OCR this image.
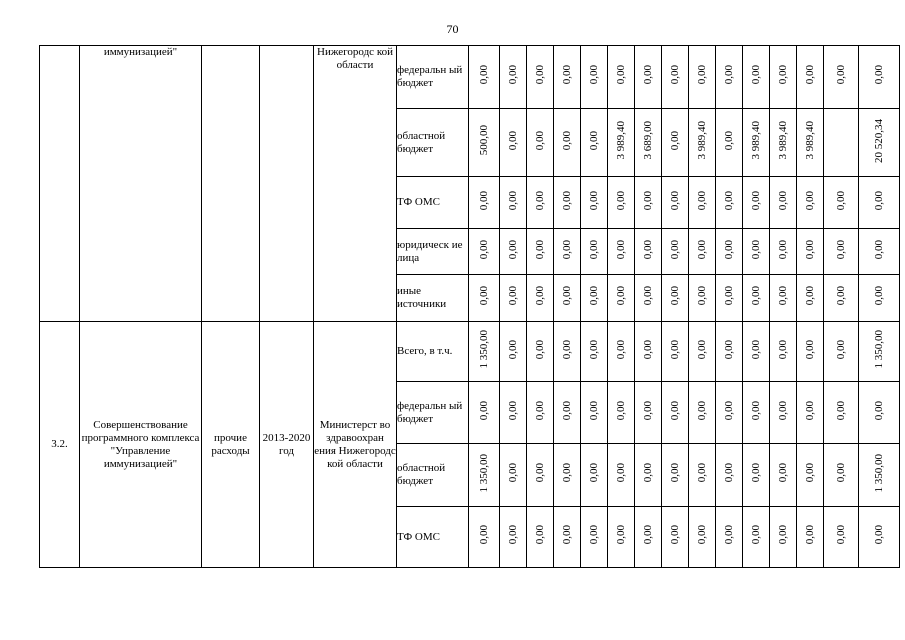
70
	иммунизацией"			Нижегородс кой области	федеральн ый бюджет	0,00	0,00	0,00	0,00	0,00	0,00	0,00	0,00	0,00	0,00	0,00	0,00	0,00	0,00	0,00
					областной бюджет	500,00	0,00	0,00	0,00	0,00	3 989,40	3 689,00	0,00	3 989,40	0,00	3 989,40	3 989,40	3 989,40		20 520,34
					ТФ ОМС	0,00	0,00	0,00	0,00	0,00	0,00	0,00	0,00	0,00	0,00	0,00	0,00	0,00	0,00	0,00
					юридическ ие лица	0,00	0,00	0,00	0,00	0,00	0,00	0,00	0,00	0,00	0,00	0,00	0,00	0,00	0,00	0,00
					иные источники	0,00	0,00	0,00	0,00	0,00	0,00	0,00	0,00	0,00	0,00	0,00	0,00	0,00	0,00	0,00
3.2.	Совершенствование программного комплекса "Управление иммунизацией"	прочие расходы	2013-2020 год	Министерст во здравоохран ения Нижегородс кой области	Всего, в т.ч.	1 350,00	0,00	0,00	0,00	0,00	0,00	0,00	0,00	0,00	0,00	0,00	0,00	0,00	0,00	1 350,00
					федеральн ый бюджет	0,00	0,00	0,00	0,00	0,00	0,00	0,00	0,00	0,00	0,00	0,00	0,00	0,00	0,00	0,00
					областной бюджет	1 350,00	0,00	0,00	0,00	0,00	0,00	0,00	0,00	0,00	0,00	0,00	0,00	0,00	0,00	1 350,00
					ТФ ОМС	0,00	0,00	0,00	0,00	0,00	0,00	0,00	0,00	0,00	0,00	0,00	0,00	0,00	0,00	0,00
